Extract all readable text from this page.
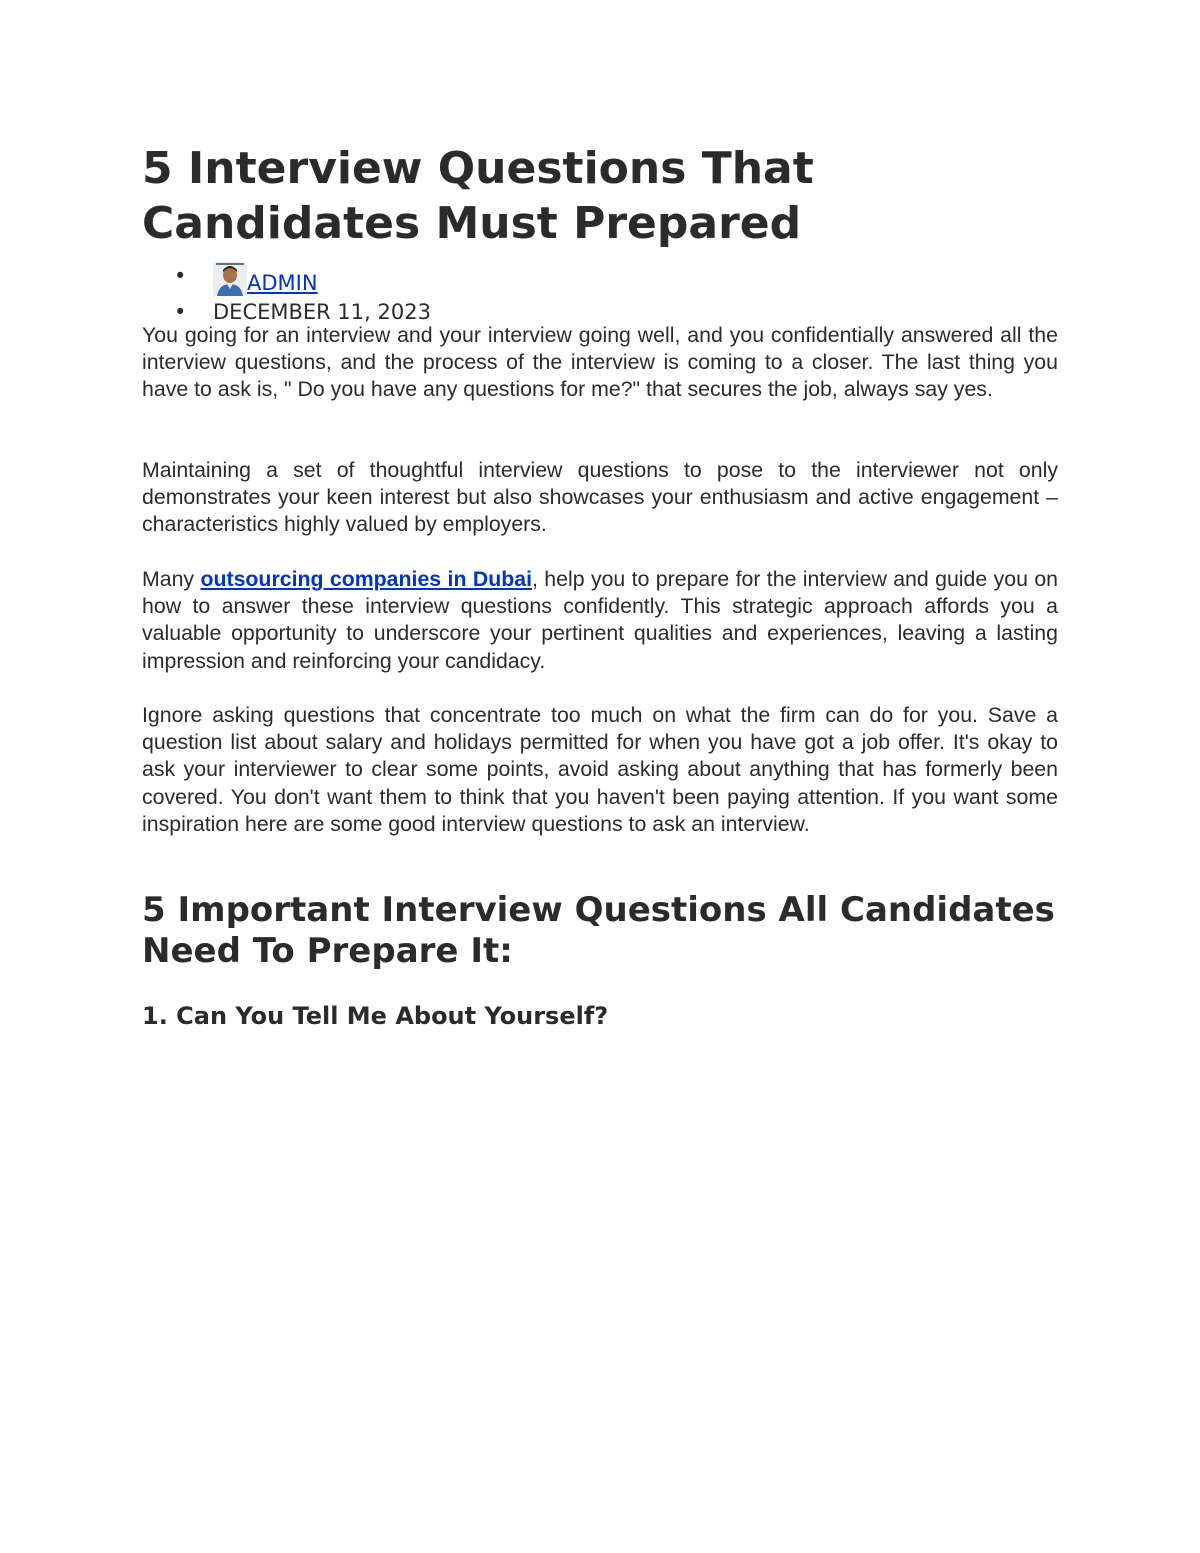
5 Interview Questions That Candidates Must Prepared
•	ADMIN
• DECEMBER 11, 2023

You going for an interview and your interview going well, and you confidentially answered all the interview questions, and the process of the interview is coming to a closer. The last thing you have to ask is, " Do you have any questions for me?" that secures the job, always say yes.

Maintaining a set of thoughtful interview questions to pose to the interviewer not only demonstrates your keen interest but also showcases your enthusiasm and active engagement – characteristics highly valued by employers.

Many outsourcing companies in Dubai, help you to prepare for the interview and guide you on how to answer these interview questions confidently. This strategic approach affords you a valuable opportunity to underscore your pertinent qualities and experiences, leaving a lasting impression and reinforcing your candidacy.

Ignore asking questions that concentrate too much on what the firm can do for you. Save a question list about salary and holidays permitted for when you have got a job offer. It's okay to ask your interviewer to clear some points, avoid asking about anything that has formerly been covered. You don't want them to think that you haven't been paying attention. If you want some inspiration here are some good interview questions to ask an interview.

5 Important Interview Questions All Candidates Need To Prepare It:
1. Can You Tell Me About Yourself?
